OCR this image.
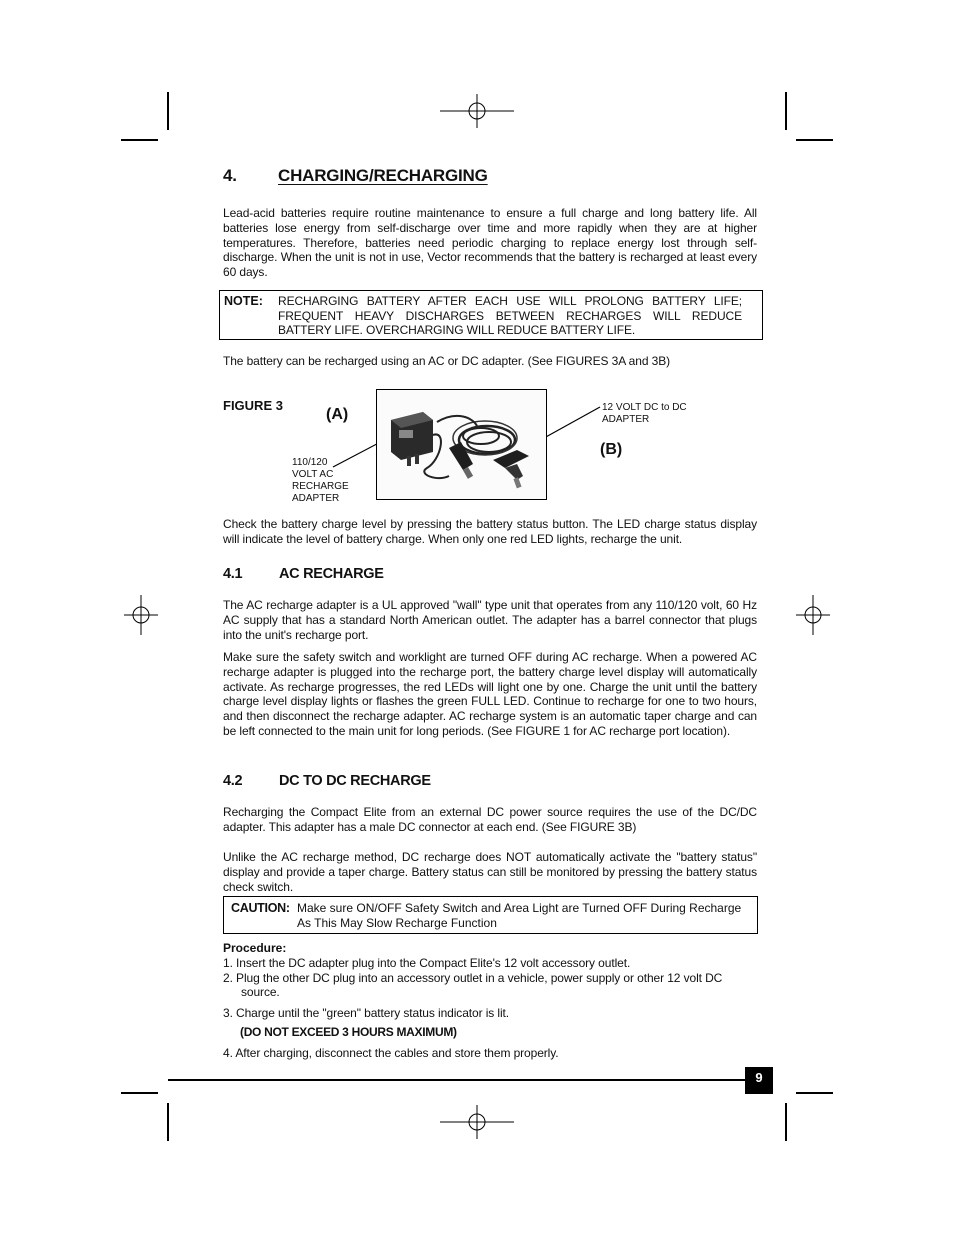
4. CHARGING/RECHARGING
Lead-acid batteries require routine maintenance to ensure a full charge and long battery life. All batteries lose energy from self-discharge over time and more rapidly when they are at higher temperatures. Therefore, batteries need periodic charging to replace energy lost through self-discharge. When the unit is not in use, Vector recommends that the battery is recharged at least every 60 days.
NOTE: RECHARGING BATTERY AFTER EACH USE WILL PROLONG BATTERY LIFE; FREQUENT HEAVY DISCHARGES BETWEEN RECHARGES WILL REDUCE BATTERY LIFE. OVERCHARGING WILL REDUCE BATTERY LIFE.
The battery can be recharged using an AC or DC adapter. (See FIGURES 3A and 3B)
FIGURE 3
(A)
(B)
110/120
VOLT AC
RECHARGE
ADAPTER
12 VOLT DC to DC
ADAPTER
Check the battery charge level by pressing the battery status button. The LED charge status display will indicate the level of battery charge. When only one red LED lights, recharge the unit.
4.1	AC RECHARGE
The AC recharge adapter is a UL approved "wall" type unit that operates from any 110/120 volt, 60 Hz AC supply that has a standard North American outlet. The adapter has a barrel connector that plugs into the unit's recharge port.
Make sure the safety switch and worklight are turned OFF during AC recharge. When a powered AC recharge adapter is plugged into the recharge port, the battery charge level display will automatically activate. As recharge progresses, the red LEDs will light one by one. Charge the unit until the battery charge level display lights or flashes the green FULL LED. Continue to recharge for one to two hours, and then disconnect the recharge adapter. AC recharge system is an automatic taper charge and can be left connected to the main unit for long periods. (See FIGURE 1 for AC recharge port location).
4.2	DC TO DC RECHARGE
Recharging the Compact Elite from an external DC power source requires the use of the DC/DC adapter. This adapter has a male DC connector at each end. (See FIGURE 3B)
Unlike the AC recharge method, DC recharge does NOT automatically activate the "battery status" display and provide a taper charge. Battery status can still be monitored by pressing the battery status check switch.
CAUTION: Make sure ON/OFF Safety Switch and Area Light are Turned OFF During Recharge
As This May Slow Recharge Function
Procedure:
1. Insert the DC adapter plug into the Compact Elite's 12 volt accessory outlet.
2. Plug the other DC plug into an accessory outlet in a vehicle, power supply or other 12 volt DC
source.
3. Charge until the "green" battery status indicator is lit.
(DO NOT EXCEED 3 HOURS MAXIMUM)
4. After charging, disconnect the cables and store them properly.
9
